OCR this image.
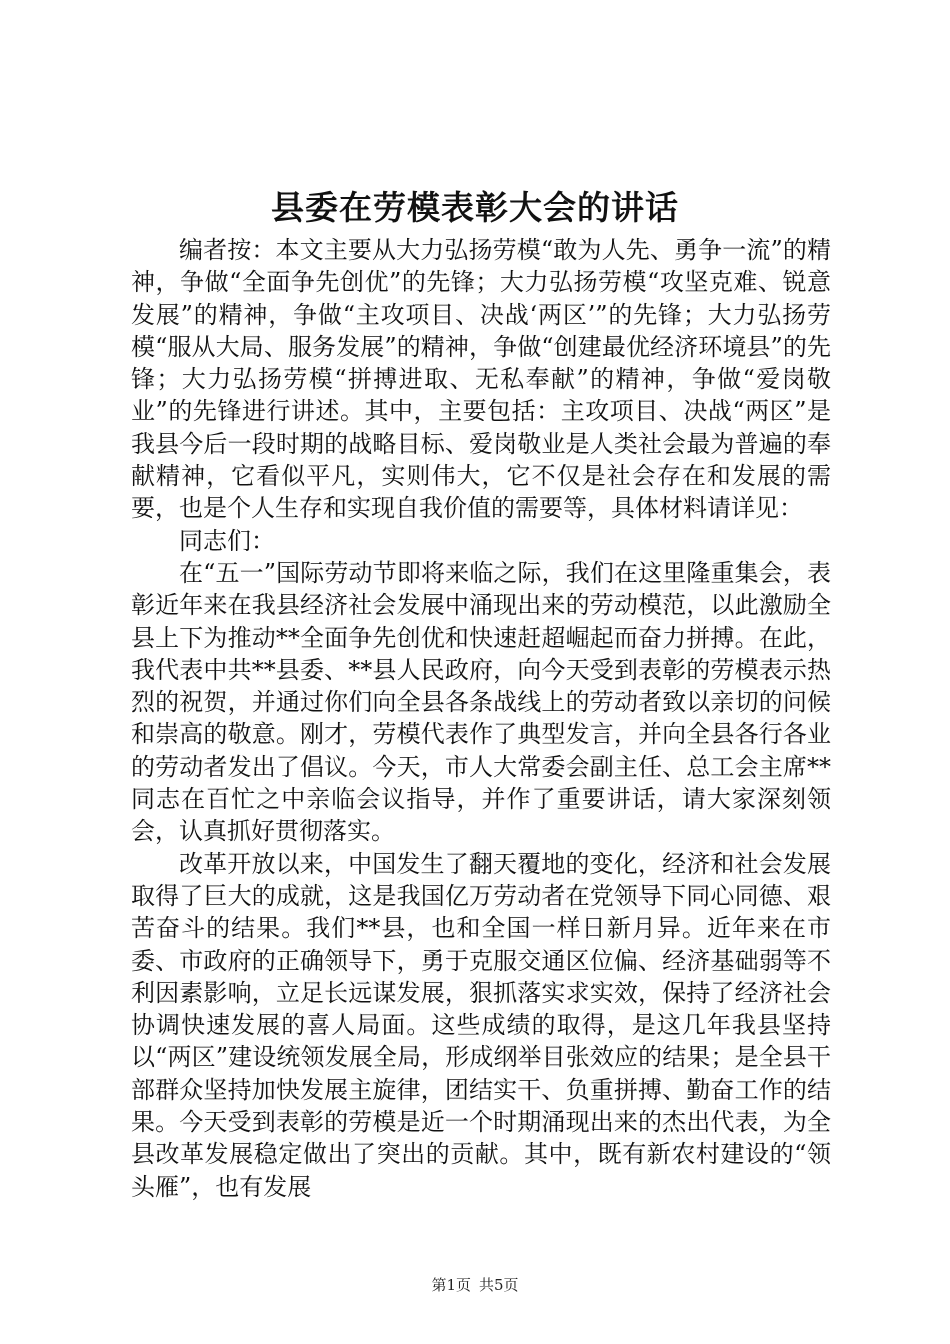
县委在劳模表彰大会的讲话

编者按：本文主要从大力弘扬劳模“敢为人先、勇争一流”的精神，争做“全面争先创优”的先锋；大力弘扬劳模“攻坚克难、锐意发展”的精神，争做“主攻项目、决战‘两区’”的先锋；大力弘扬劳模“服从大局、服务发展”的精神，争做“创建最优经济环境县”的先锋；大力弘扬劳模“拼搏进取、无私奉献”的精神，争做“爱岗敬业”的先锋进行讲述。其中，主要包括：主攻项目、决战“两区”是我县今后一段时期的战略目标、爱岗敬业是人类社会最为普遍的奉献精神，它看似平凡，实则伟大，它不仅是社会存在和发展的需要，也是个人生存和实现自我价值的需要等，具体材料请详见：

同志们：

在“五一”国际劳动节即将来临之际，我们在这里隆重集会，表彰近年来在我县经济社会发展中涌现出来的劳动模范，以此激励全县上下为推动**全面争先创优和快速赶超崛起而奋力拼搏。在此，我代表中共**县委、**县人民政府，向今天受到表彰的劳模表示热烈的祝贺，并通过你们向全县各条战线上的劳动者致以亲切的问候和崇高的敬意。刚才，劳模代表作了典型发言，并向全县各行各业的劳动者发出了倡议。今天，市人大常委会副主任、总工会主席**同志在百忙之中亲临会议指导，并作了重要讲话，请大家深刻领会，认真抓好贯彻落实。

改革开放以来，中国发生了翻天覆地的变化，经济和社会发展取得了巨大的成就，这是我国亿万劳动者在党领导下同心同德、艰苦奋斗的结果。我们**县，也和全国一样日新月异。近年来在市委、市政府的正确领导下，勇于克服交通区位偏、经济基础弱等不利因素影响，立足长远谋发展，狠抓落实求实效，保持了经济社会协调快速发展的喜人局面。这些成绩的取得，是这几年我县坚持以“两区”建设统领发展全局，形成纲举目张效应的结果；是全县干部群众坚持加快发展主旋律，团结实干、负重拼搏、勤奋工作的结果。今天受到表彰的劳模是近一个时期涌现出来的杰出代表，为全县改革发展稳定做出了突出的贡献。其中，既有新农村建设的“领头雁”，也有发展

第1页 共5页
